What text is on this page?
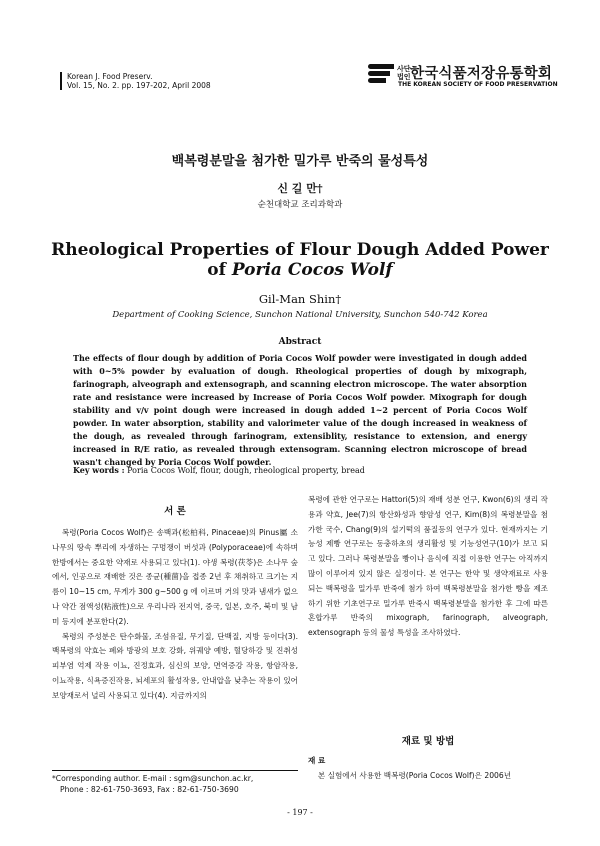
Korean J. Food Preserv.
Vol. 15, No. 2. pp. 197-202, April 2008
사단
법인 한국식품저장유통학회
THE KOREAN SOCIETY OF FOOD PRESERVATION
백복령분말을 첨가한 밀가루 반죽의 물성특성
신 길 만†
순천대학교 조리과학과
Rheological Properties of Flour Dough Added Power
of Poria Cocos Wolf
Gil-Man Shin†
Department of Cooking Science, Sunchon National University, Sunchon 540-742 Korea
Abstract
The effects of flour dough by addition of Poria Cocos Wolf powder were investigated in dough added with 0~5% powder by evaluation of dough. Rheological properties of dough by mixograph, farinograph, alveograph and extensograph, and scanning electron microscope. The water absorption rate and resistance were increased by Increase of Poria Cocos Wolf powder. Mixograph for dough stability and v/v point dough were increased in dough added 1~2 percent of Poria Cocos Wolf powder. In water absorption, stability and valorimeter value of the dough increased in weakness of the dough, as revealed through farinogram, extensiblity, resistance to extension, and energy increased in R/E ratio, as revealed through extensogram. Scanning electron microscope of bread wasn't changed by Poria Cocos Wolf powder.
Key words : Poria Cocos Wolf, flour, dough, rheological property, bread
서 론

복령(Poria Cocos Wolf)은 송백과(松柏科, Pinaceae)의 Pinus屬 소나무의 땅속 뿌리에 자생하는 구멍쟁이 버섯과 (Polyporaceae)에 속하며 한방에서는 중요한 약재로 사용되고 있다(1). 야생 복령(茯苓)은 소나무 숲에서, 인공으로 재배한 것은 종균(種菌)을 접종 2년 후 채취하고 크기는 지름이 10~15 cm, 무게가 300 g~500 g 에 이르며 거의 맛과 냄새가 없으나 약간 점액성(粘液性)으로 우리나라 전지역, 중국, 일본, 호주, 북미 및 남미 등지에 분포한다(2).

복령의 주성분은 탄수화물, 조섬유질, 무기질, 단백질, 지방 등이다(3). 백복령의 약효는 폐와 방광의 보호 강화, 위궤양 예방, 혈당하강 및 진취성 피부염 억제 작용 이뇨, 진정효과, 심신의 보양, 면역증강 작용, 항암작용, 이뇨작용, 식욕증진작용, 뇌세포의 활성작용, 안내압을 낮추는 작용이 있어 보양재로서 널리 사용되고 있다(4). 지금까지의

복령에 관한 연구로는 Hattori(5)의 재배 성분 연구, Kwon(6)의 생리 작용과 약효, Jee(7)의 항산화성과 향암성 연구, Kim(8)의 복령분말을 첨가한 국수, Chang(9)의 설기떡의 품질등의 연구가 있다. 현재까지는 기능성 제빵 연구로는 동충하초의 생리활성 및 기능성연구(10)가 보고 되고 있다. 그러나 복령분말을 빵이나 음식에 직접 이용한 연구는 아직까지 많이 이루어져 있지 않은 실정이다. 본 연구는 한약 및 생약재료로 사용 되는 백복령을 밀가루 반죽에 첨가 하여 백복령분말을 첨가한 빵을 제조하기 위한 기초연구로 밀가루 반죽시 백복령분말을 첨가한 후 그에 따른 혼합가루 반죽의 mixograph, farinograph, alveograph, extensograph 등의 물성 특성을 조사하였다.

재료 및 방법
재 료

본 실험에서 사용한 백복령(Poria Cocos Wolf)은 2006년

*Corresponding author. E-mail : sgm@sunchon.ac.kr,
Phone : 82-61-750-3693, Fax : 82-61-750-3690
- 197 -
